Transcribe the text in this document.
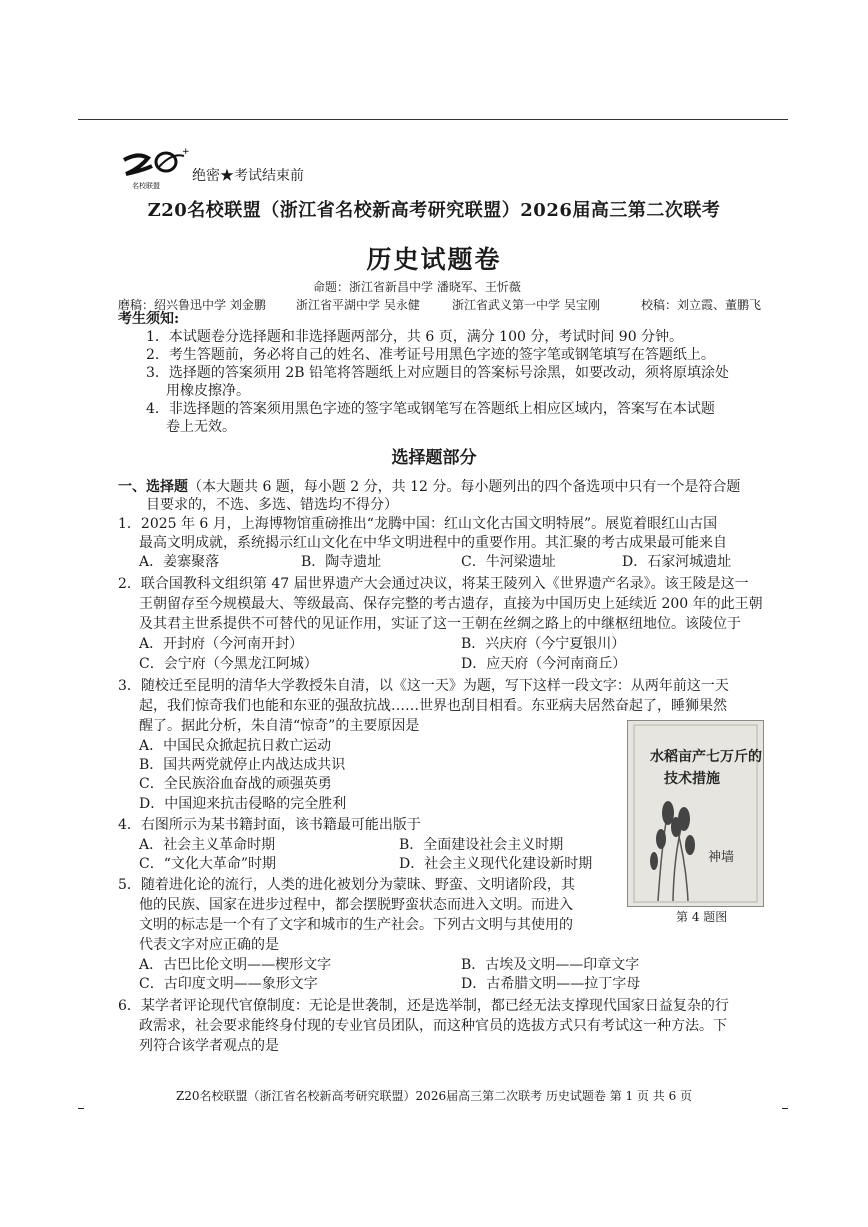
+
名校联盟
绝密★考试结束前
Z20名校联盟（浙江省名校新高考研究联盟）2026届高三第二次联考
历史试题卷
命题：浙江省新昌中学 潘晓军、王忻薇
磨稿：绍兴鲁迅中学 刘金鹏	浙江省平湖中学 吴永健	浙江省武义第一中学 吴宝刚	校稿：刘立霞、董鹏飞
考生须知:
1．本试题卷分选择题和非选择题两部分，共 6 页，满分 100 分，考试时间 90 分钟。
2．考生答题前，务必将自己的姓名、准考证号用黑色字迹的签字笔或钢笔填写在答题纸上。
3．选择题的答案须用 2B 铅笔将答题纸上对应题目的答案标号涂黑，如要改动，须将原填涂处
用橡皮擦净。
4．非选择题的答案须用黑色字迹的签字笔或钢笔写在答题纸上相应区域内，答案写在本试题
卷上无效。
选择题部分
一、选择题（本大题共 6 题，每小题 2 分，共 12 分。每小题列出的四个备选项中只有一个是符合题
目要求的，不选、多选、错选均不得分）
1．2025 年 6 月，上海博物馆重磅推出“龙腾中国：红山文化古国文明特展”。展览着眼红山古国
最高文明成就，系统揭示红山文化在中华文明进程中的重要作用。其汇聚的考古成果最可能来自
A．姜寨聚落	B．陶寺遗址	C．牛河梁遗址	D．石家河城遗址
2．联合国教科文组织第 47 届世界遗产大会通过决议，将某王陵列入《世界遗产名录》。该王陵是这一
王朝留存至今规模最大、等级最高、保存完整的考古遗存，直接为中国历史上延续近 200 年的此王朝
及其君主世系提供不可替代的见证作用，实证了这一王朝在丝绸之路上的中继枢纽地位。该陵位于
A．开封府（今河南开封）	B．兴庆府（今宁夏银川）
C．会宁府（今黑龙江阿城）	D．应天府（今河南商丘）
3．随校迁至昆明的清华大学教授朱自清，以《这一天》为题，写下这样一段文字：从两年前这一天
起，我们惊奇我们也能和东亚的强敌抗战……世界也刮目相看。东亚病夫居然奋起了，睡狮果然
醒了。据此分析，朱自清“惊奇”的主要原因是
A．中国民众掀起抗日救亡运动
B．国共两党就停止内战达成共识
C．全民族浴血奋战的顽强英勇
D．中国迎来抗击侵略的完全胜利
4．右图所示为某书籍封面，该书籍最可能出版于
A．社会主义革命时期	B．全面建设社会主义时期
C．“文化大革命”时期	D．社会主义现代化建设新时期
5．随着进化论的流行，人类的进化被划分为蒙昧、野蛮、文明诸阶段，其
他的民族、国家在进步过程中，都会摆脱野蛮状态而进入文明。而进入
文明的标志是一个有了文字和城市的生产社会。下列古文明与其使用的
代表文字对应正确的是
A．古巴比伦文明——楔形文字	B．古埃及文明——印章文字
C．古印度文明——象形文字	D．古希腊文明——拉丁字母
6．某学者评论现代官僚制度：无论是世袭制，还是选举制，都已经无法支撑现代国家日益复杂的行
政需求，社会要求能终身付现的专业官员团队，而这种官员的选拔方式只有考试这一种方法。下
列符合该学者观点的是
水稻亩产七万斤的
技术措施
神墙
第 4 题图
Z20名校联盟（浙江省名校新高考研究联盟）2026届高三第二次联考 历史试题卷 第 1 页 共 6 页
